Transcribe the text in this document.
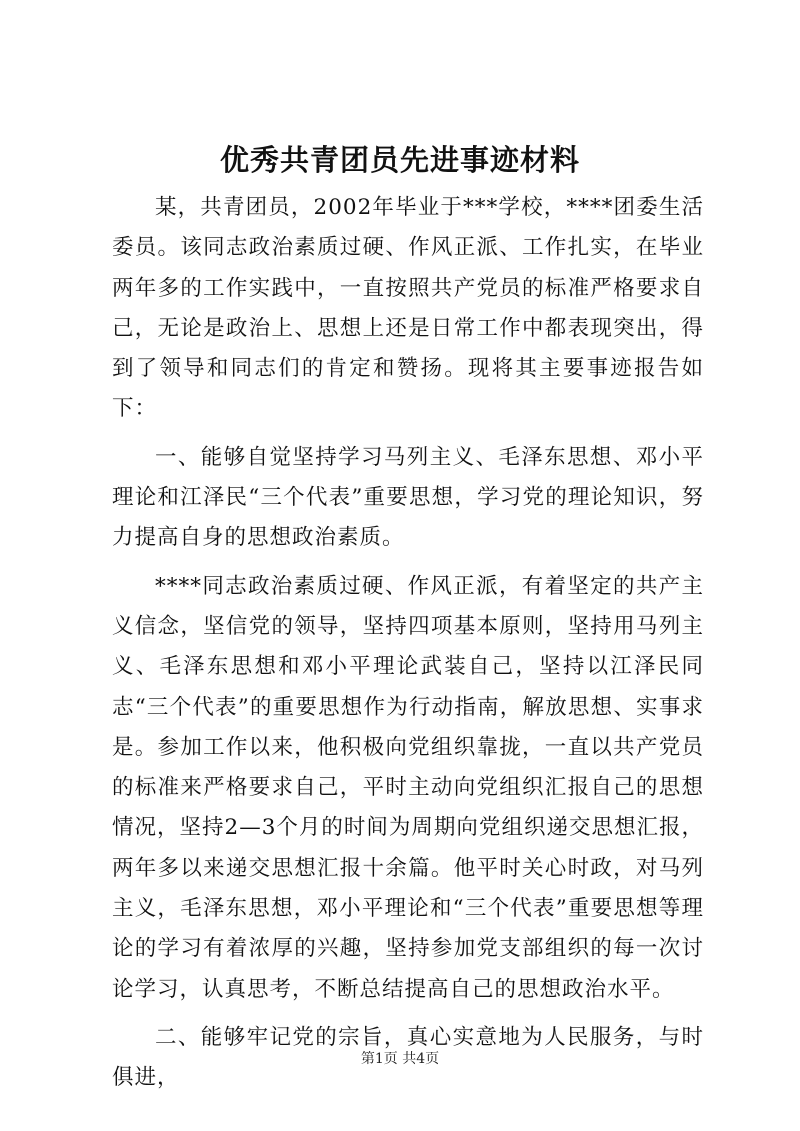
优秀共青团员先进事迹材料

某，共青团员，2002年毕业于***学校，****团委生活委员。该同志政治素质过硬、作风正派、工作扎实，在毕业两年多的工作实践中，一直按照共产党员的标准严格要求自己，无论是政治上、思想上还是日常工作中都表现突出，得到了领导和同志们的肯定和赞扬。现将其主要事迹报告如下：

一、能够自觉坚持学习马列主义、毛泽东思想、邓小平理论和江泽民“三个代表”重要思想，学习党的理论知识，努力提高自身的思想政治素质。

****同志政治素质过硬、作风正派，有着坚定的共产主义信念，坚信党的领导，坚持四项基本原则，坚持用马列主义、毛泽东思想和邓小平理论武装自己，坚持以江泽民同志“三个代表”的重要思想作为行动指南，解放思想、实事求是。参加工作以来，他积极向党组织靠拢，一直以共产党员的标准来严格要求自己，平时主动向党组织汇报自己的思想情况，坚持2—3个月的时间为周期向党组织递交思想汇报，两年多以来递交思想汇报十余篇。他平时关心时政，对马列主义，毛泽东思想，邓小平理论和“三个代表”重要思想等理论的学习有着浓厚的兴趣，坚持参加党支部组织的每一次讨论学习，认真思考，不断总结提高自己的思想政治水平。

二、能够牢记党的宗旨，真心实意地为人民服务，与时俱进，

第1页 共4页
